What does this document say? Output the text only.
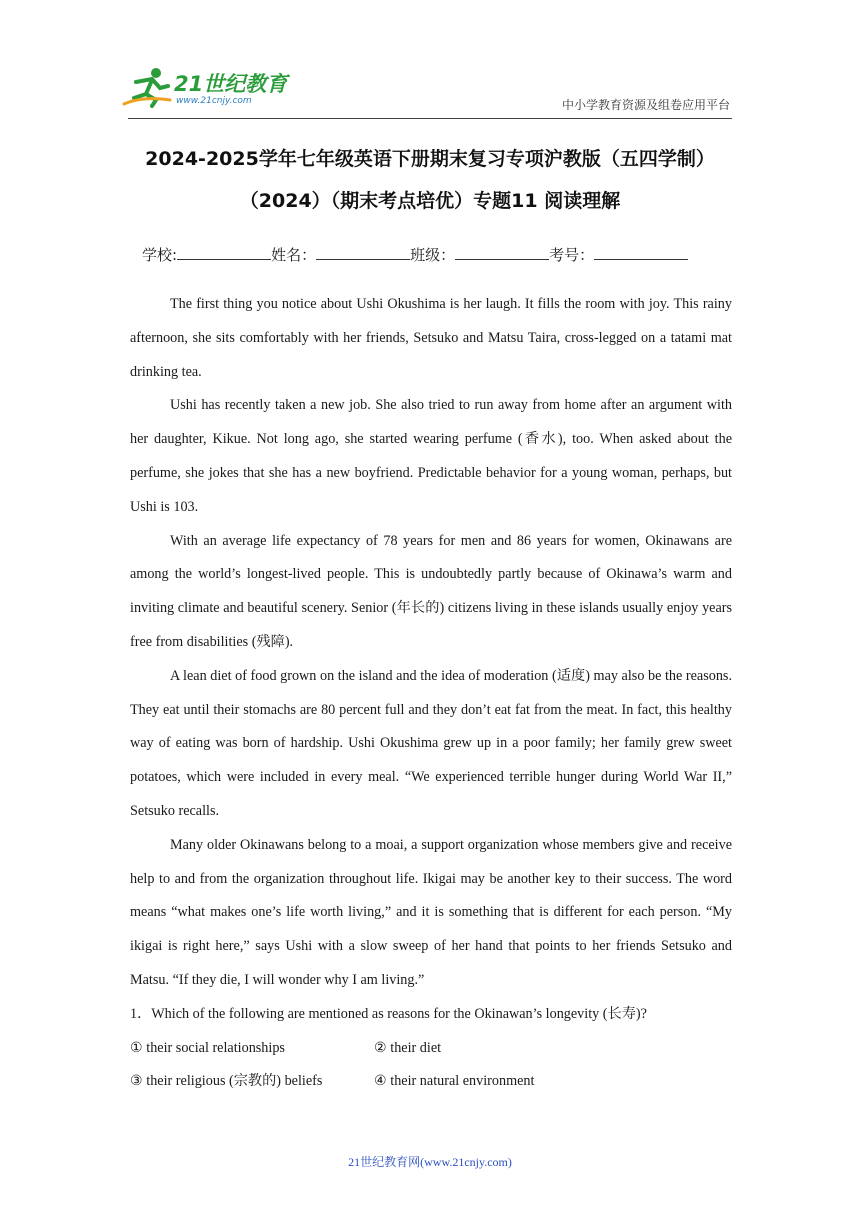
21世纪教育
www.21cnjy.com	中小学教育资源及组卷应用平台
2024-2025学年七年级英语下册期末复习专项沪教版（五四学制）
（2024）（期末考点培优）专题11 阅读理解
学校:	姓名：	班级：	考号：

The first thing you notice about Ushi Okushima is her laugh. It fills the room with joy. This rainy afternoon, she sits comfortably with her friends, Setsuko and Matsu Taira, cross-legged on a tatami mat drinking tea.

Ushi has recently taken a new job. She also tried to run away from home after an argument with her daughter, Kikue. Not long ago, she started wearing perfume (香水), too. When asked about the perfume, she jokes that she has a new boyfriend. Predictable behavior for a young woman, perhaps, but Ushi is 103.

With an average life expectancy of 78 years for men and 86 years for women, Okinawans are among the world’s longest-lived people. This is undoubtedly partly because of Okinawa’s warm and inviting climate and beautiful scenery. Senior (年长的) citizens living in these islands usually enjoy years free from disabilities (残障).

A lean diet of food grown on the island and the idea of moderation (适度) may also be the reasons. They eat until their stomachs are 80 percent full and they don’t eat fat from the meat. In fact, this healthy way of eating was born of hardship. Ushi Okushima grew up in a poor family; her family grew sweet potatoes, which were included in every meal. “We experienced terrible hunger during World War II,” Setsuko recalls.

Many older Okinawans belong to a moai, a support organization whose members give and receive help to and from the organization throughout life. Ikigai may be another key to their success. The word means “what makes one’s life worth living,” and it is something that is different for each person. “My ikigai is right here,” says Ushi with a slow sweep of her hand that points to her friends Setsuko and Matsu. “If they die, I will wonder why I am living.”

1．Which of the following are mentioned as reasons for the Okinawan’s longevity (长寿)?
① their social relationships	② their diet
③ their religious (宗教的) beliefs	④ their natural environment
21世纪教育网(www.21cnjy.com)
